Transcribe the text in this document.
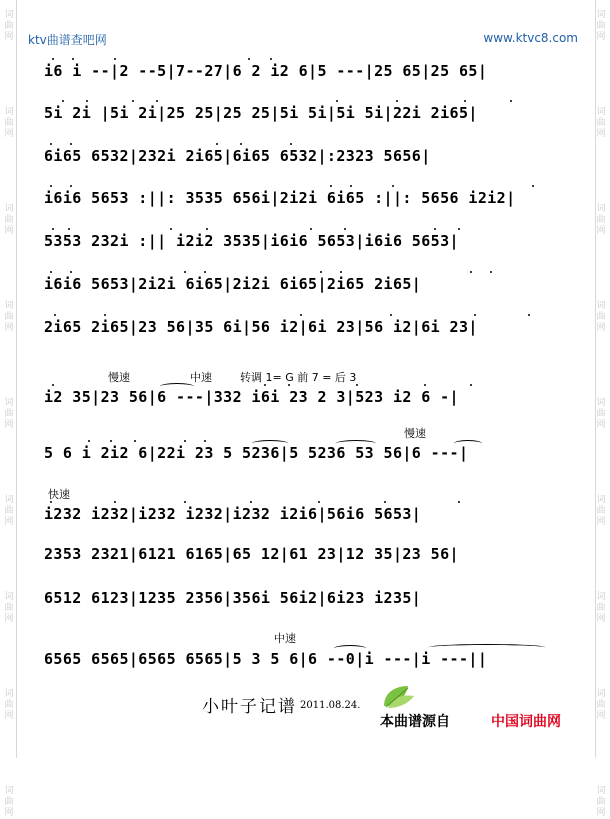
词曲网
词曲网
词曲网
词曲网
词曲网
词曲网
词曲网
词曲网
词曲网
词曲网
词曲网
词曲网
词曲网
词曲网
词曲网
词曲网
词曲网
词曲网
ktv曲谱查吧网	www.ktvc8.com
i6 i --|2 --5|7--27|6 2 i2 6|5 ---|25 65|25 65|
5i 2i |5i 2i|25 25|25 25|5i 5i|5i 5i|22i 2i65|
6i65 6532|232i 2i65|6i65 6532|:2323 5656|
i6i6 5653 :||: 3535 656i|2i2i 6i65 :||: 5656 i2i2|
5353 232i :|| i2i2 3535|i6i6 5653|i6i6 5653|
i6i6 5653|2i2i 6i65|2i2i 6i65|2i65 2i65|
2i65 2i65|23 56|35 6i|56 i2|6i 23|56 i2|6i 23|
i2 35|23 56|6 ---|332 i6i 23 2 3|523 i2 6 -|
5 6 i 2i2 6|22i 23 5 5236|5 5236 53 56|6 ---|
i232 i232|i232 i232|i232 i2i6|56i6 5653|
2353 2321|6121 6165|65 12|61 23|12 35|23 56|
6512 6123|1235 2356|356i 56i2|6i23 i235|
6565 6565|6565 6565|5 3 5 6|6 --0|i ---|i ---||
慢速	中速	转调 1= G 前 7 = 后 3
慢速
快速
中速
小叶子记谱 2011.08.24.
本曲谱源自	中国词曲网
